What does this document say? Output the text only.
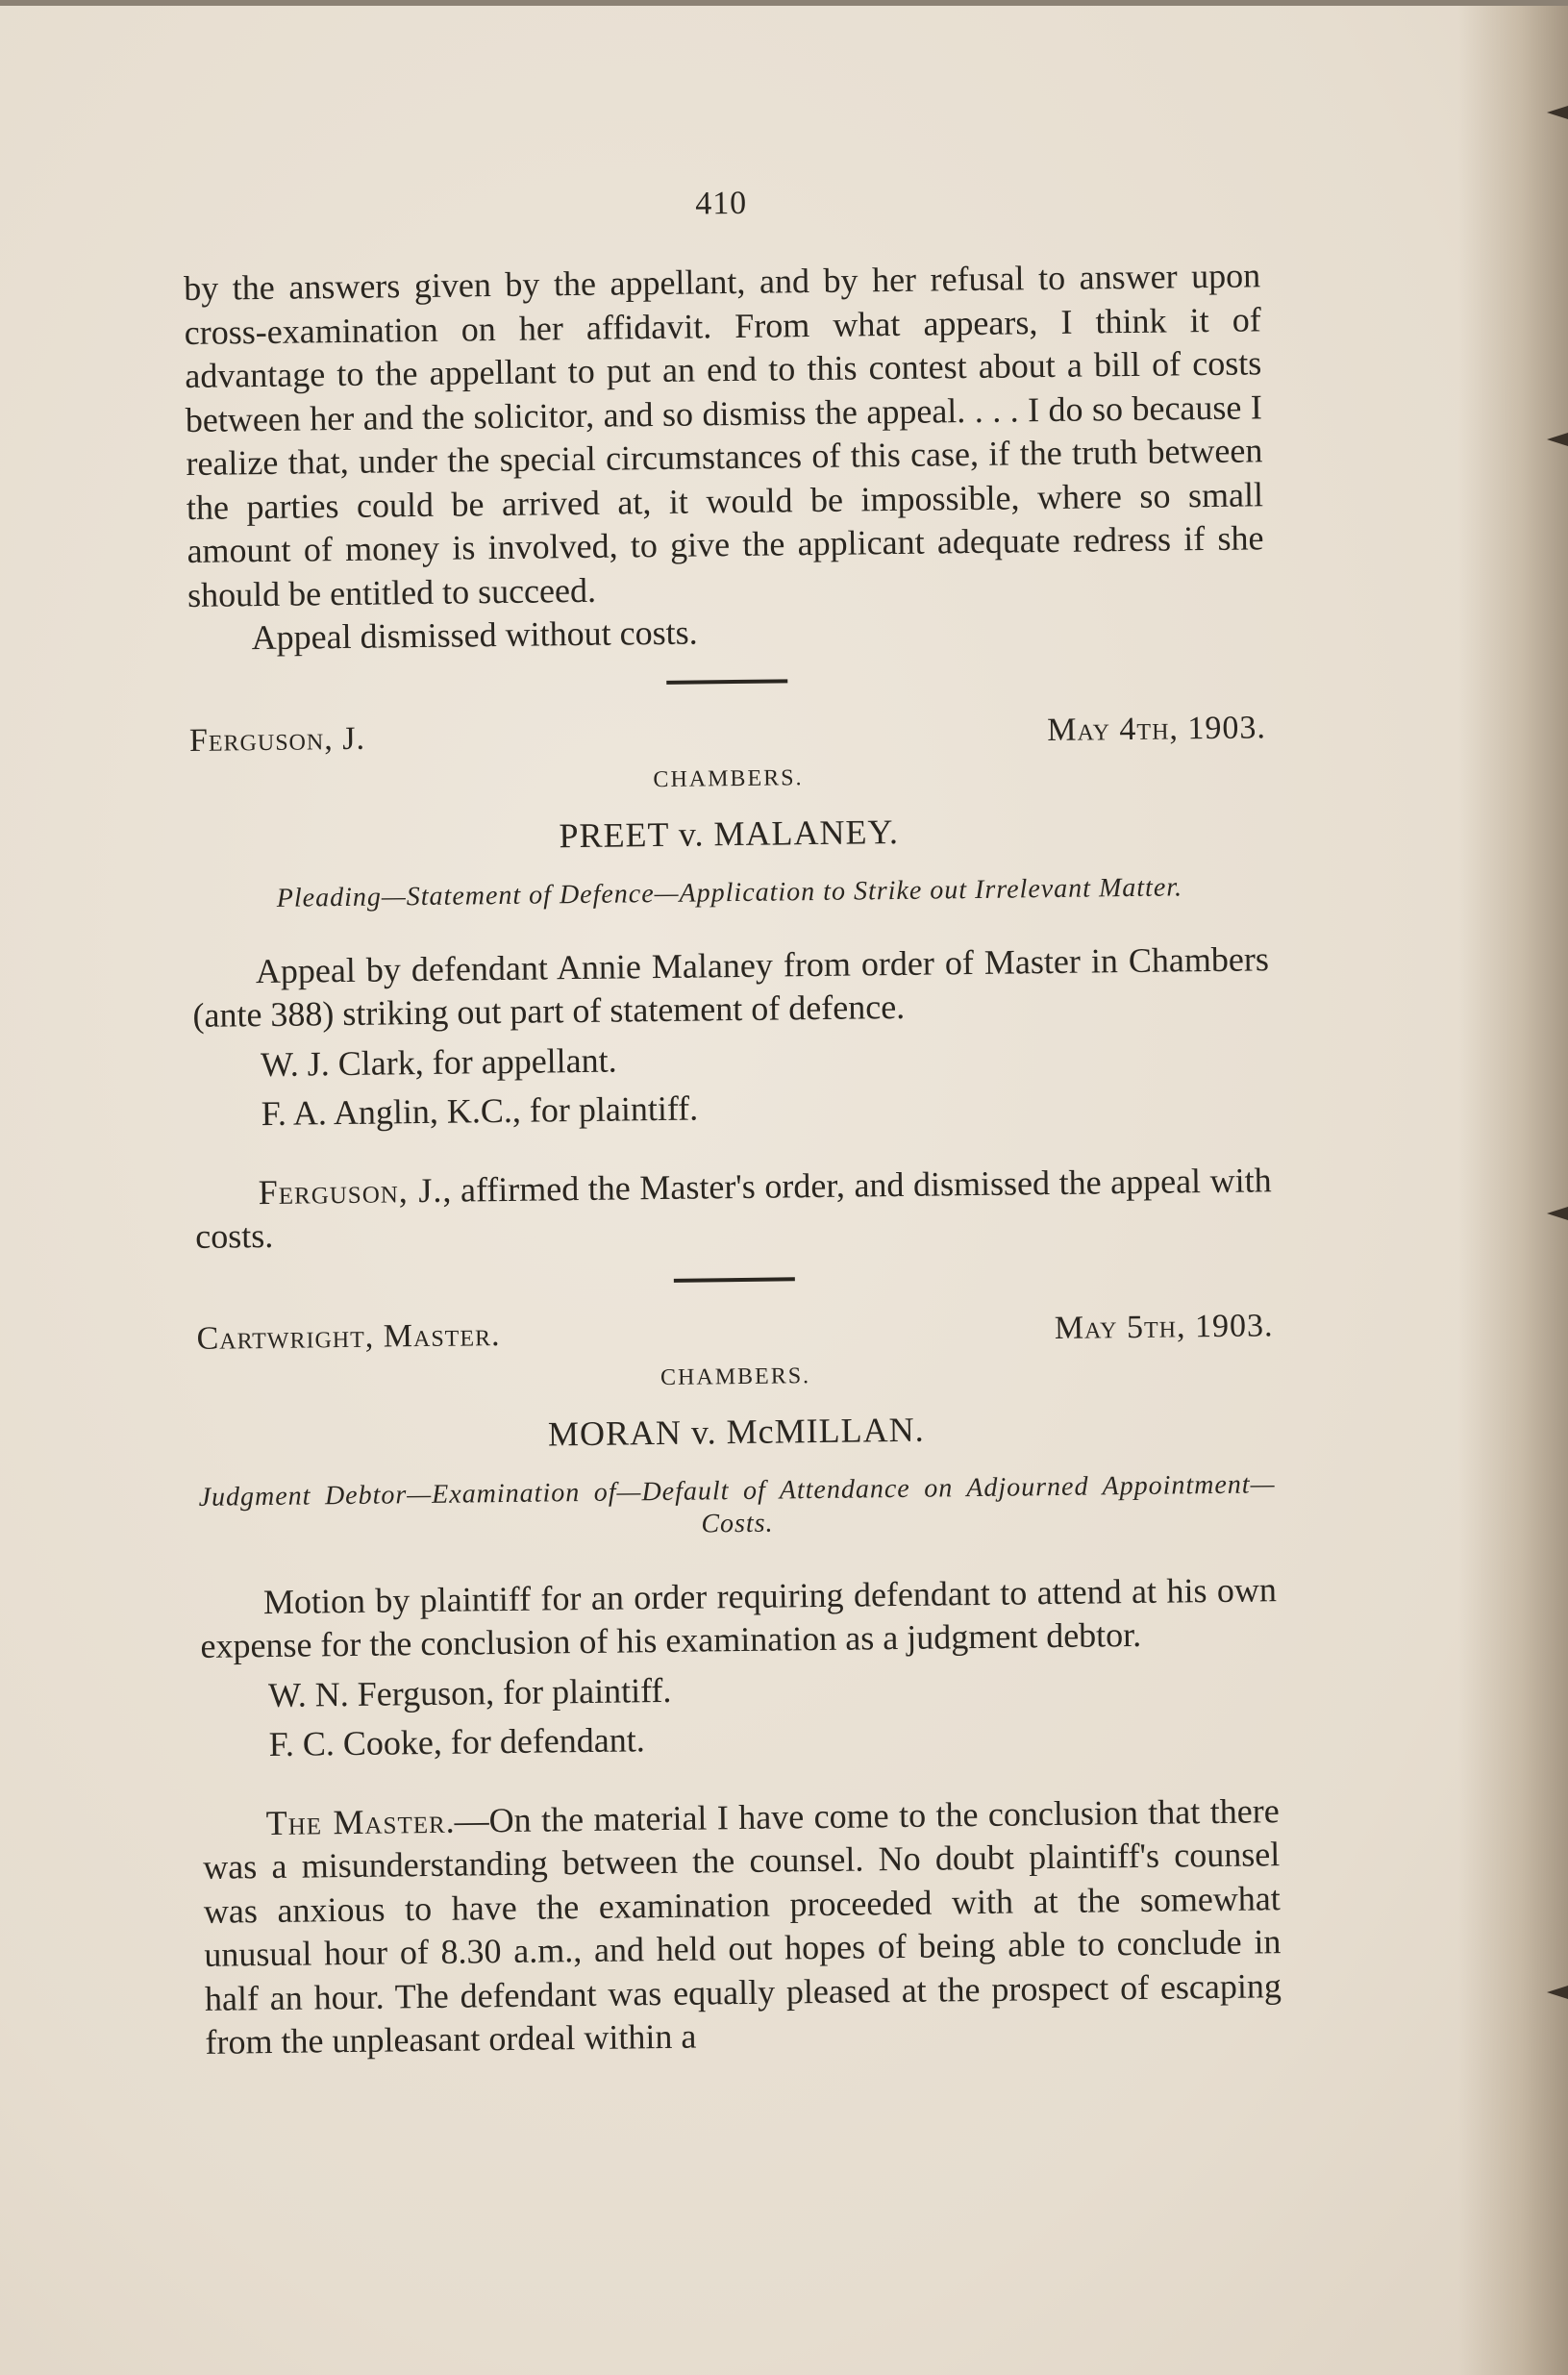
410

by the answers given by the appellant, and by her refusal to answer upon cross-examination on her affidavit. From what appears, I think it of advantage to the appellant to put an end to this contest about a bill of costs between her and the solicitor, and so dismiss the appeal. . . . I do so because I realize that, under the special circumstances of this case, if the truth between the parties could be arrived at, it would be impossible, where so small amount of money is involved, to give the applicant adequate redress if she should be entitled to succeed.

Appeal dismissed without costs.

Ferguson, J.	May 4th, 1903.
CHAMBERS.
PREET v. MALANEY.
Pleading—Statement of Defence—Application to Strike out Irrelevant Matter.

Appeal by defendant Annie Malaney from order of Master in Chambers (ante 388) striking out part of statement of defence.

W. J. Clark, for appellant.

F. A. Anglin, K.C., for plaintiff.

Ferguson, J., affirmed the Master's order, and dismissed the appeal with costs.

Cartwright, Master.	May 5th, 1903.
CHAMBERS.
MORAN v. McMILLAN.
Judgment Debtor—Examination of—Default of Attendance on Adjourned Appointment—Costs.

Motion by plaintiff for an order requiring defendant to attend at his own expense for the conclusion of his examination as a judgment debtor.

W. N. Ferguson, for plaintiff.

F. C. Cooke, for defendant.

The Master.—On the material I have come to the conclusion that there was a misunderstanding between the counsel. No doubt plaintiff's counsel was anxious to have the examination proceeded with at the somewhat unusual hour of 8.30 a.m., and held out hopes of being able to conclude in half an hour. The defendant was equally pleased at the prospect of escaping from the unpleasant ordeal within a
